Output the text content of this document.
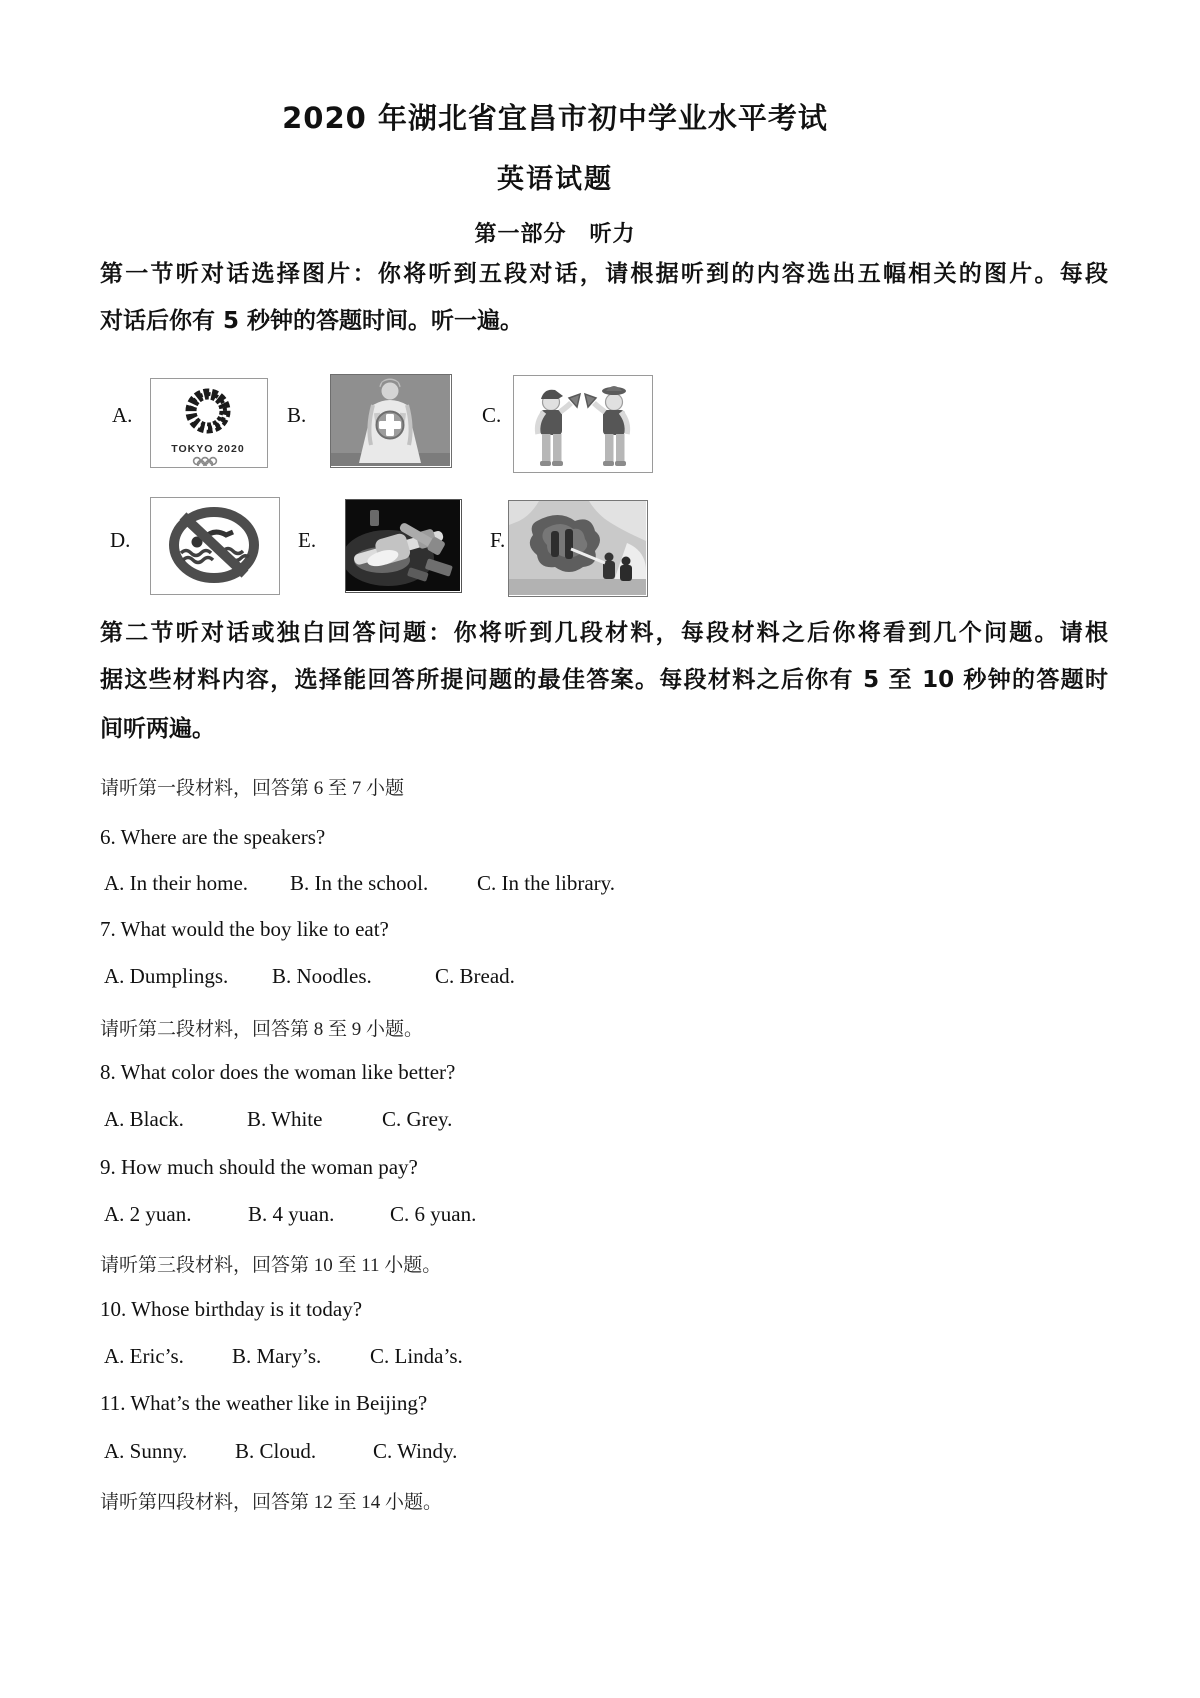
2020 年湖北省宜昌市初中学业水平考试
英语试题
第一部分　听力
第一节听对话选择图片：你将听到五段对话，请根据听到的内容选出五幅相关的图片。每段
对话后你有 5 秒钟的答题时间。听一遍。
A.
TOKYO 2020
B.	C.
D.	E.	F.
第二节听对话或独白回答问题：你将听到几段材料，每段材料之后你将看到几个问题。请根
据这些材料内容，选择能回答所提问题的最佳答案。每段材料之后你有 5 至 10 秒钟的答题时
间听两遍。
请听第一段材料，回答第 6 至 7 小题
6. Where are the speakers?
A. In their home. B. In the school. C. In the library.
7. What would the boy like to eat?
A. Dumplings. B. Noodles.	C. Bread.
请听第二段材料，回答第 8 至 9 小题。
8. What color does the woman like better?
A. Black.	B. White	C. Grey.
9. How much should the woman pay?
A. 2 yuan.	B. 4 yuan.	C. 6 yuan.
请听第三段材料，回答第 10 至 11 小题。
10. Whose birthday is it today?
A. Eric’s. B. Mary’s. C. Linda’s.
11. What’s the weather like in Beijing?
A. Sunny. B. Cloud.	C. Windy.
请听第四段材料，回答第 12 至 14 小题。
